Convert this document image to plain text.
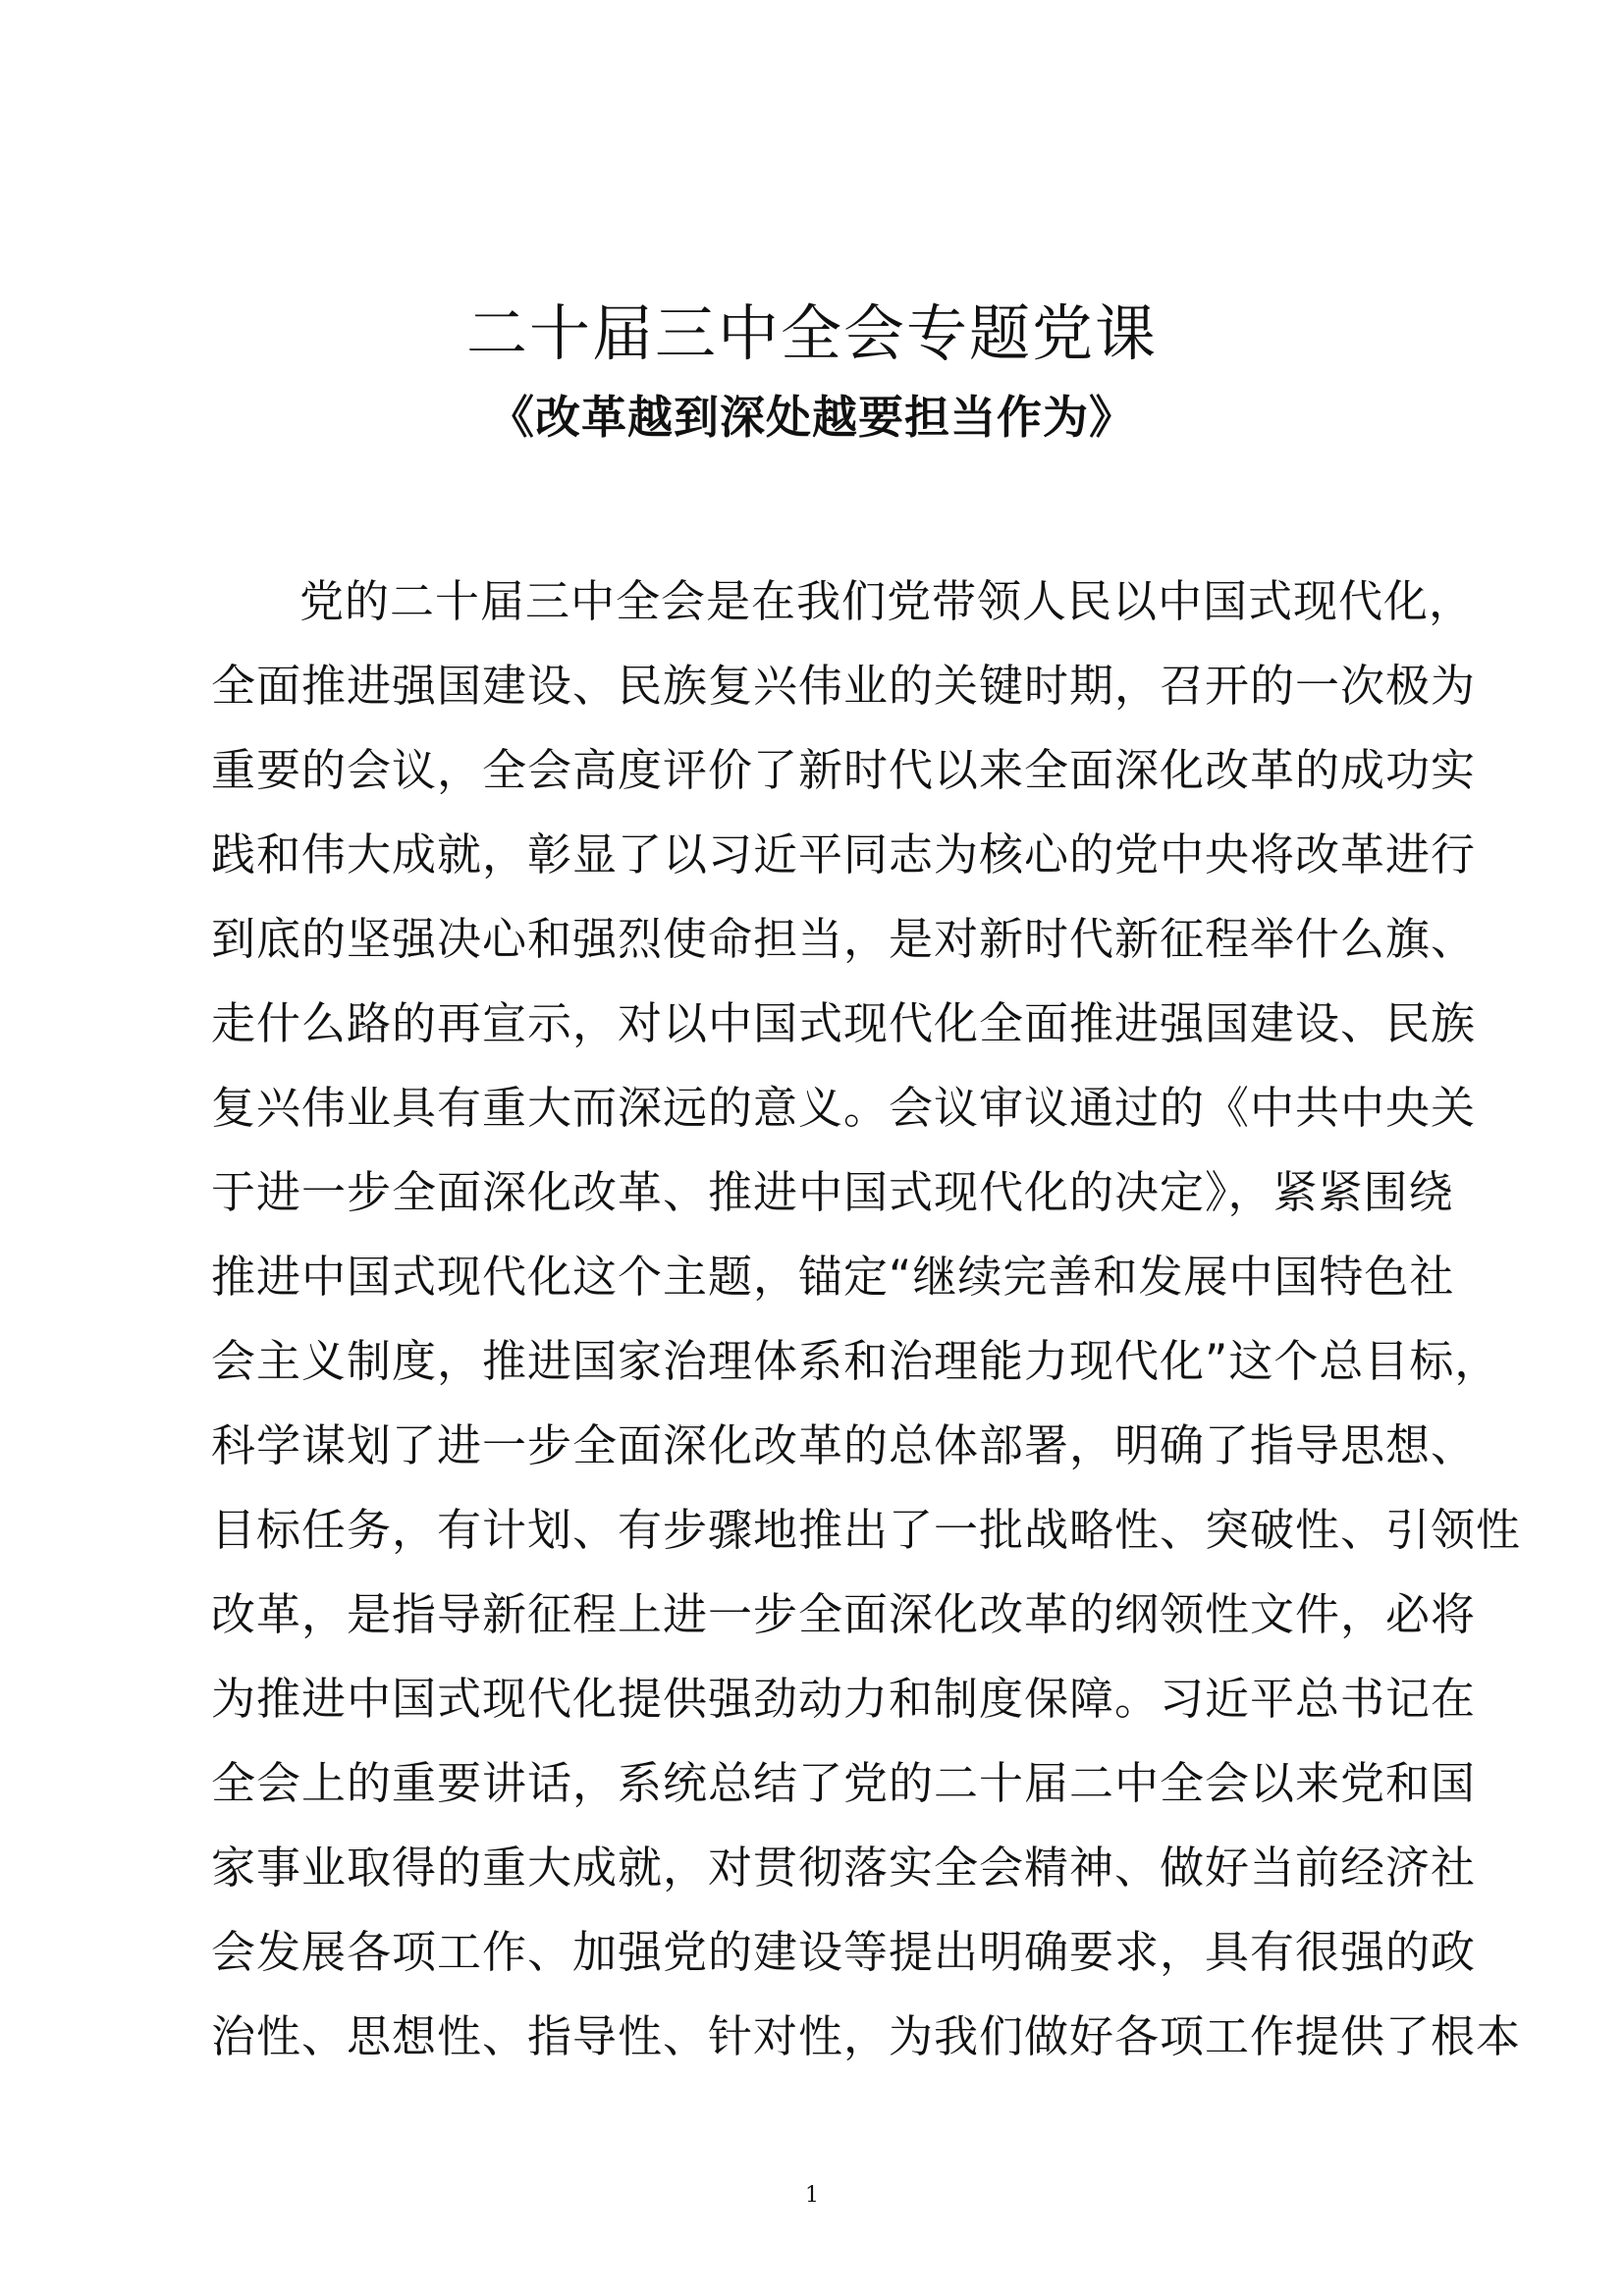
二十届三中全会专题党课
《改革越到深处越要担当作为》
党的二十届三中全会是在我们党带领人民以中国式现代化，
全面推进强国建设、民族复兴伟业的关键时期，召开的一次极为
重要的会议，全会高度评价了新时代以来全面深化改革的成功实
践和伟大成就，彰显了以习近平同志为核心的党中央将改革进行
到底的坚强决心和强烈使命担当，是对新时代新征程举什么旗、
走什么路的再宣示，对以中国式现代化全面推进强国建设、民族
复兴伟业具有重大而深远的意义。会议审议通过的《中共中央关
于进一步全面深化改革、推进中国式现代化的决定》，紧紧围绕
推进中国式现代化这个主题，锚定“继续完善和发展中国特色社
会主义制度，推进国家治理体系和治理能力现代化”这个总目标，
科学谋划了进一步全面深化改革的总体部署，明确了指导思想、
目标任务，有计划、有步骤地推出了一批战略性、突破性、引领性
改革，是指导新征程上进一步全面深化改革的纲领性文件，必将
为推进中国式现代化提供强劲动力和制度保障。习近平总书记在
全会上的重要讲话，系统总结了党的二十届二中全会以来党和国
家事业取得的重大成就，对贯彻落实全会精神、做好当前经济社
会发展各项工作、加强党的建设等提出明确要求，具有很强的政
治性、思想性、指导性、针对性，为我们做好各项工作提供了根本
1
